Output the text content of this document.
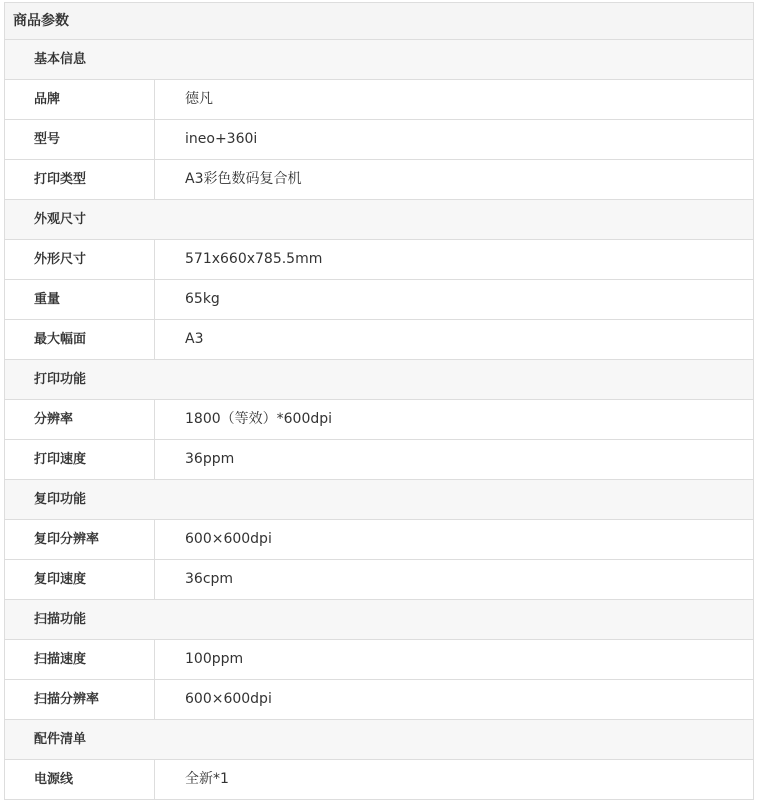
商品参数
基本信息
品牌	德凡
型号	ineo+360i
打印类型	A3彩色数码复合机
外观尺寸
外形尺寸	571x660x785.5mm
重量	65kg
最大幅面	A3
打印功能
分辨率	1800（等效）*600dpi
打印速度	36ppm
复印功能
复印分辨率	600×600dpi
复印速度	36cpm
扫描功能
扫描速度	100ppm
扫描分辨率	600×600dpi
配件清单
电源线	全新*1
